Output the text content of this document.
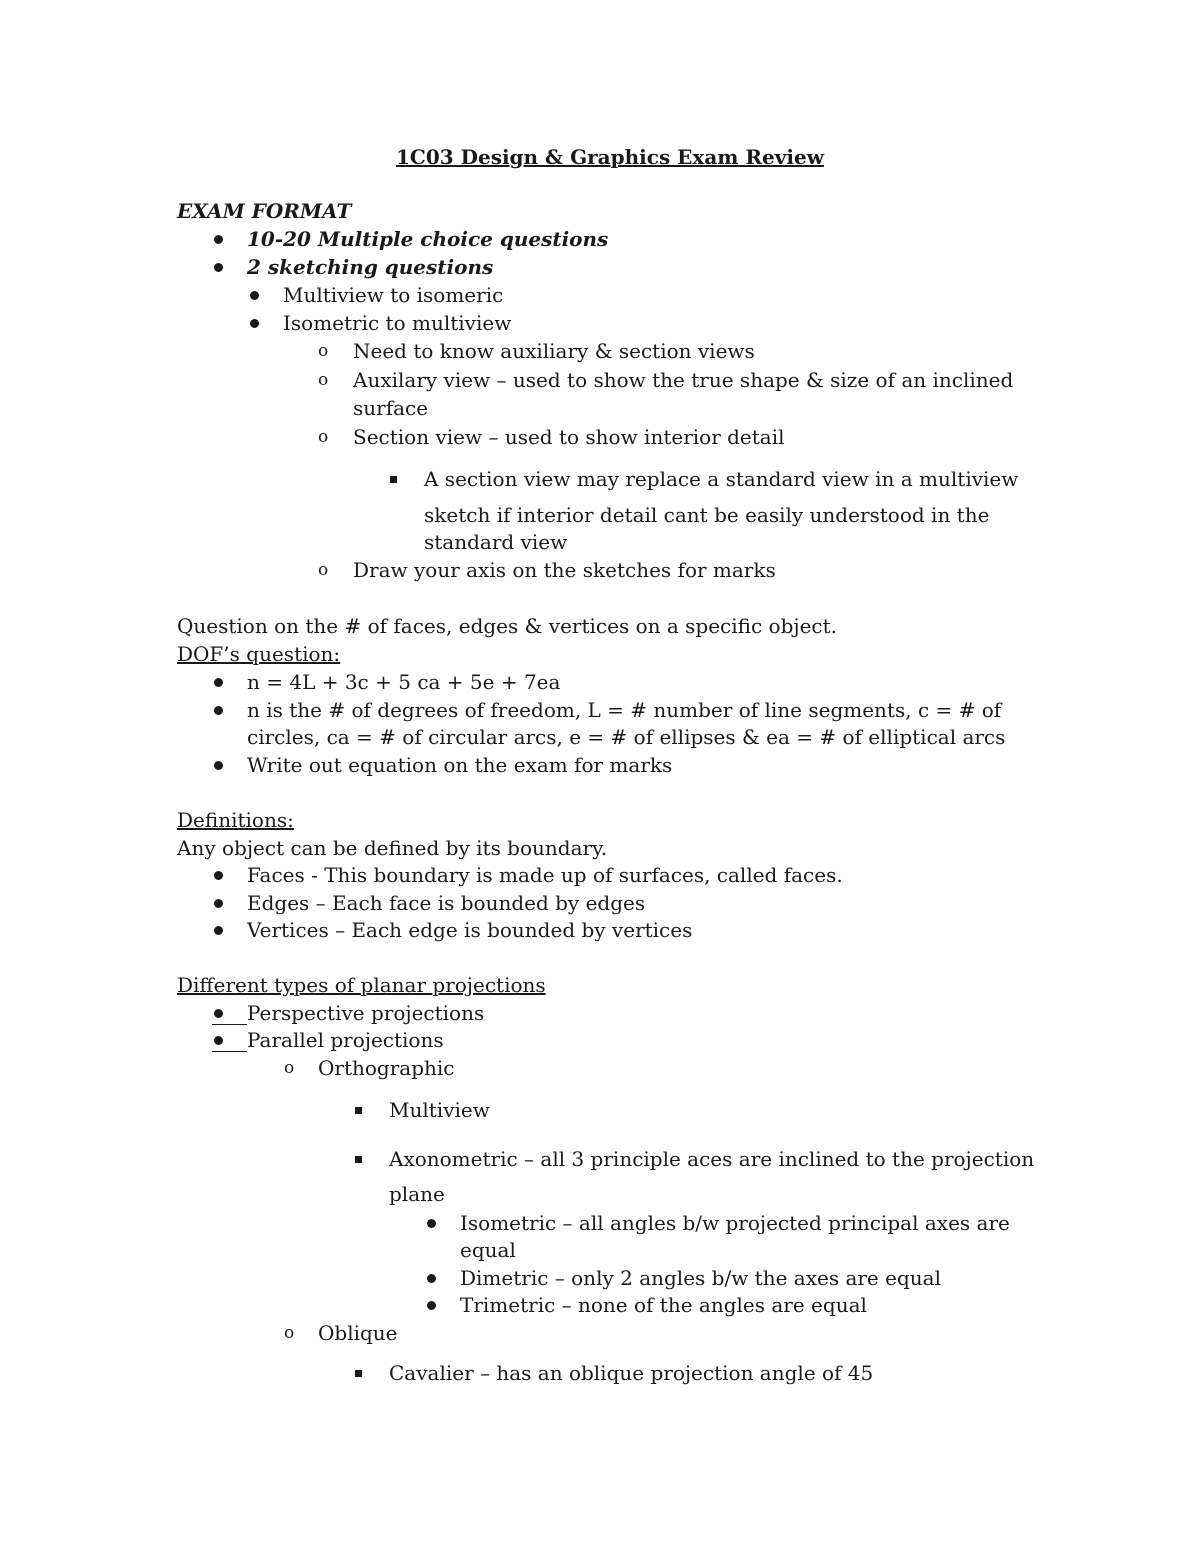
1C03 Design & Graphics Exam Review
EXAM FORMAT
10-20 Multiple choice questions
2 sketching questions
Multiview to isomeric
Isometric to multiview
o Need to know auxiliary & section views
o Auxilary view – used to show the true shape & size of an inclined
surface
o Section view – used to show interior detail
A section view may replace a standard view in a multiview
sketch if interior detail cant be easily understood in the
standard view
o Draw your axis on the sketches for marks
Question on the # of faces, edges & vertices on a specific object.
DOF’s question:
n = 4L + 3c + 5 ca + 5e + 7ea
n is the # of degrees of freedom, L = # number of line segments, c = # of
circles, ca = # of circular arcs, e = # of ellipses & ea = # of elliptical arcs
Write out equation on the exam for marks
Definitions:
Any object can be defined by its boundary.
Faces - This boundary is made up of surfaces, called faces.
Edges – Each face is bounded by edges
Vertices – Each edge is bounded by vertices
Different types of planar projections
Perspective projections
Parallel projections
o Orthographic
Multiview
Axonometric – all 3 principle aces are inclined to the projection
plane
Isometric – all angles b/w projected principal axes are
equal
Dimetric – only 2 angles b/w the axes are equal
Trimetric – none of the angles are equal
o Oblique
Cavalier – has an oblique projection angle of 45
